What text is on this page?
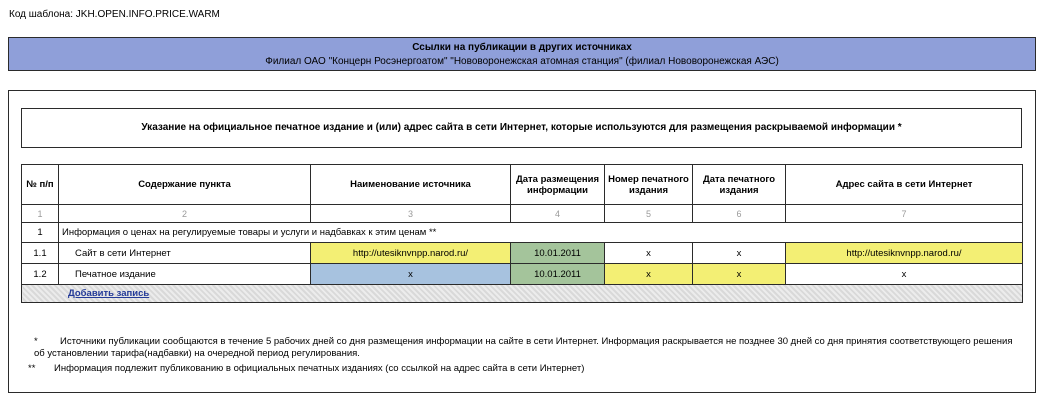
Код шаблона: JKH.OPEN.INFO.PRICE.WARM
Ссылки на публикации в других источниках
Филиал ОАО "Концерн Росэнергоатом" "Нововоронежская атомная станция" (филиал Нововоронежская АЭС)
Указание на официальное печатное издание и (или) адрес сайта в сети Интернет, которые используются для размещения раскрываемой информации *
№ п/п	Содержание пункта	Наименование источника	Дата размещения информации	Номер печатного издания	Дата печатного издания	Адрес сайта в сети Интернет
1	2	3	4	5	6	7
1	Информация о ценах на регулируемые товары и услуги и надбавках к этим ценам **					
1.1	Сайт в сети Интернет	http://utesiknvnpp.narod.ru/	10.01.2011	x	x	http://utesiknvnpp.narod.ru/
1.2	Печатное издание	x	10.01.2011	x	x	x
Добавить запись						
* Источники публикации сообщаются в течение 5 рабочих дней со дня размещения информации на сайте в сети Интернет. Информация раскрывается не позднее 30 дней со дня принятия соответствующего решения об установлении тарифа(надбавки) на очередной период регулирования.
** Информация подлежит публикованию в официальных печатных изданиях (со ссылкой на адрес сайта в сети Интернет)
